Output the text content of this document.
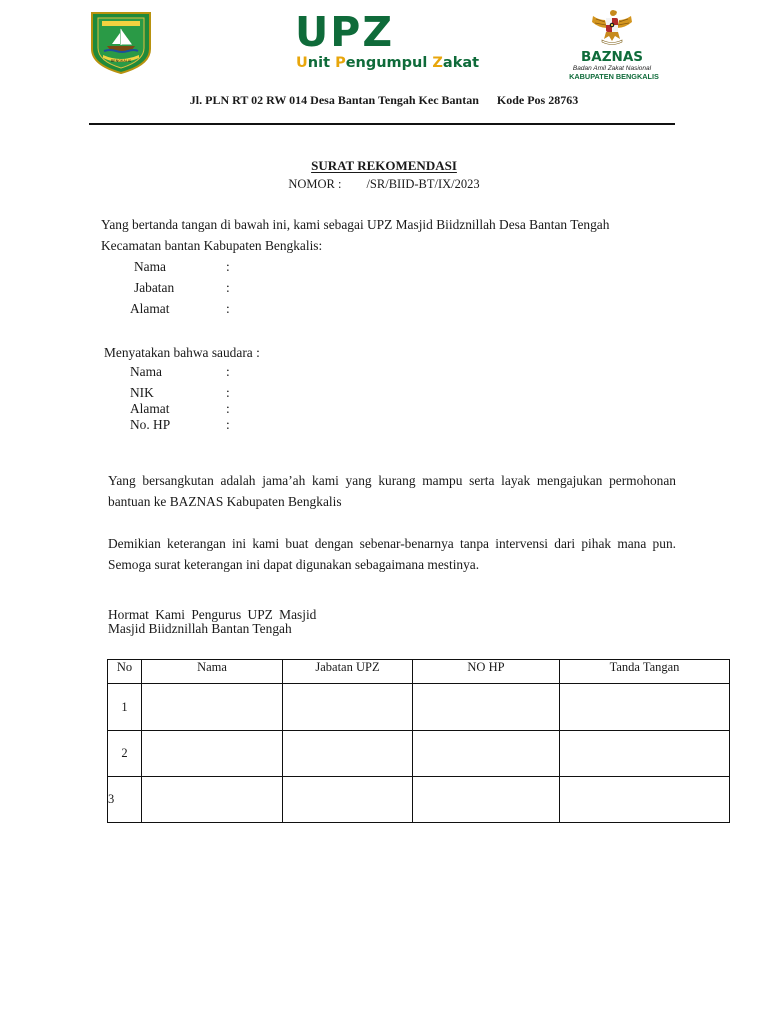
BENGKALIS
UPZ
Unit Pengumpul Zakat	BAZNAS
Badan Amil Zakat Nasional
KABUPATEN BENGKALIS
Jl. PLN RT 02 RW 014 Desa Bantan Tengah Kec Bantan      Kode Pos 28763
SURAT REKOMENDASI
NOMOR :        /SR/BIID-BT/IX/2023
Yang bertanda tangan di bawah ini, kami sebagai UPZ Masjid Biidznillah Desa Bantan Tengah
Kecamatan bantan Kabupaten Bengkalis:
Nama	:
Jabatan	:
Alamat	:
Menyatakan bahwa saudara :
Nama	:
NIK	:
Alamat	:
No. HP	:
Yang bersangkutan adalah jama’ah kami yang kurang mampu serta layak mengajukan permohonan bantuan ke BAZNAS Kabupaten Bengkalis
Demikian keterangan ini kami buat dengan sebenar-benarnya tanpa intervensi dari pihak mana pun. Semoga surat keterangan ini dapat digunakan sebagaimana mestinya.
Hormat Kami Pengurus UPZ Masjid
Masjid Biidznillah Bantan Tengah
No	Nama	Jabatan UPZ	NO HP	Tanda Tangan
1				
2				
3				
